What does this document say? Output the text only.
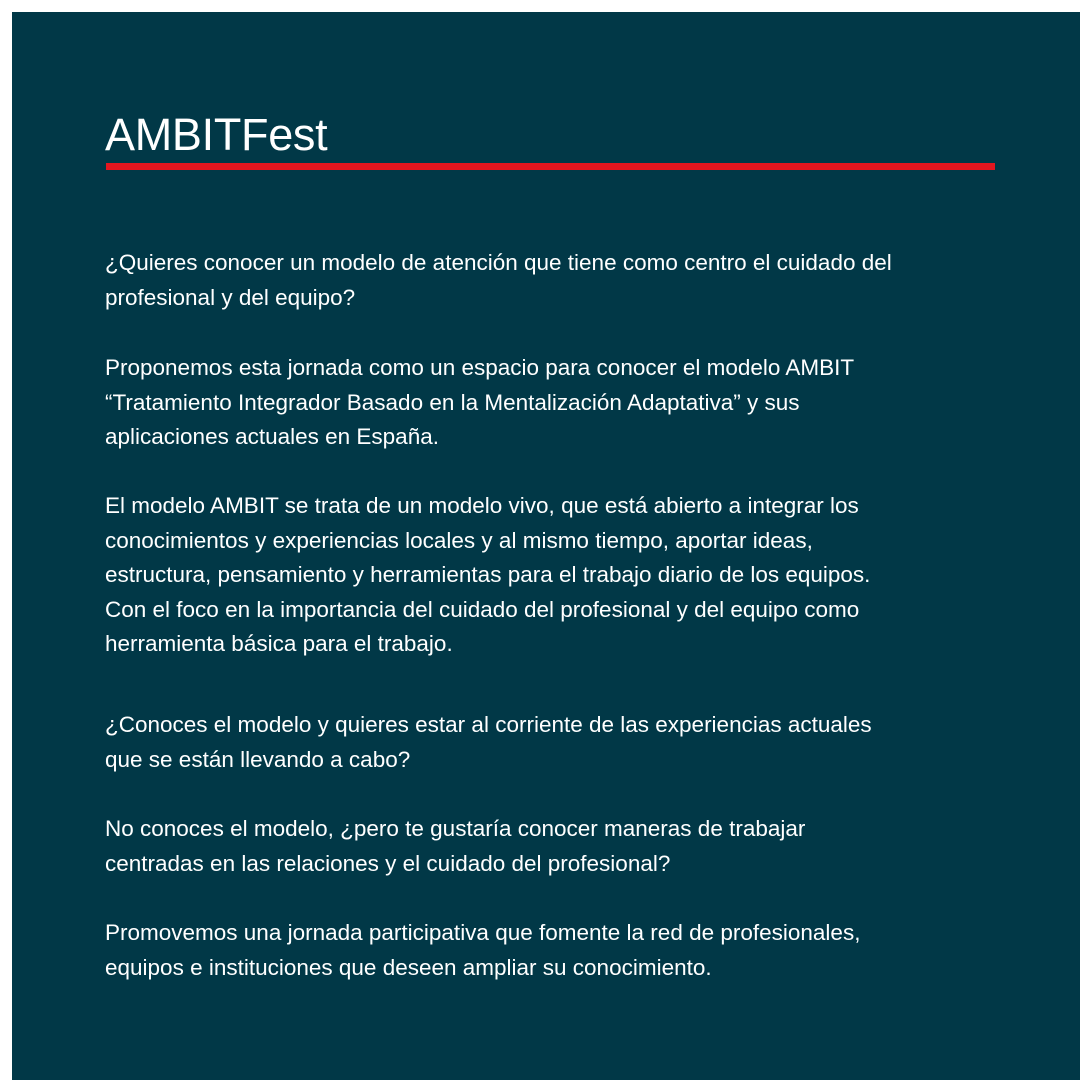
AMBITFest

¿Quieres conocer un modelo de atención que tiene como centro el cuidado del
profesional y del equipo?

Proponemos esta jornada como un espacio para conocer el modelo AMBIT
“Tratamiento Integrador Basado en la Mentalización Adaptativa” y sus
aplicaciones actuales en España.

El modelo AMBIT se trata de un modelo vivo, que está abierto a integrar los
conocimientos y experiencias locales y al mismo tiempo, aportar ideas,
estructura, pensamiento y herramientas para el trabajo diario de los equipos.
Con el foco en la importancia del cuidado del profesional y del equipo como
herramienta básica para el trabajo.

¿Conoces el modelo y quieres estar al corriente de las experiencias actuales
que se están llevando a cabo?

No conoces el modelo, ¿pero te gustaría conocer maneras de trabajar
centradas en las relaciones y el cuidado del profesional?

Promovemos una jornada participativa que fomente la red de profesionales,
equipos e instituciones que deseen ampliar su conocimiento.
